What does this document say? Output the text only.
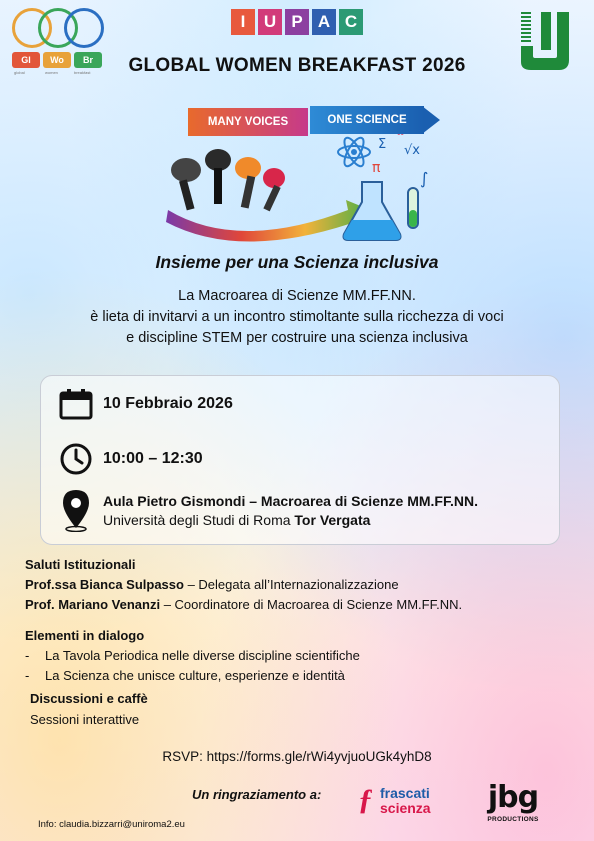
Gl	Wo	Br
global	women	breakfast
I	U P A C
GLOBAL WOMEN BREAKFAST 2026
Σ √x
π
∫
MANY VOICES	ONE SCIENCE
Insieme per una Scienza inclusiva
La Macroarea di Scienze MM.FF.NN.
è lieta di invitarvi a un incontro stimoltante sulla ricchezza di voci
e discipline STEM per costruire una scienza inclusiva
10 Febbraio 2026
10:00 – 12:30
Aula Pietro Gismondi – Macroarea di Scienze MM.FF.NN.
Università degli Studi di Roma Tor Vergata
Saluti Istituzionali
Prof.ssa Bianca Sulpasso – Delegata all’Internazionalizzazione
Prof. Mariano Venanzi – Coordinatore di Macroarea di Scienze MM.FF.NN.
Elementi in dialogo
- La Tavola Periodica nelle diverse discipline scientifiche
- La Scienza che unisce culture, esperienze e identità
Discussioni e caffè
Sessioni interattive
RSVP: https://forms.gle/rWi4yvjuoUGk4yhD8
Un ringraziamento a: ƒ frascati
scienza jbg
PRODUCTIONS
Info: claudia.bizzarri@uniroma2.eu
